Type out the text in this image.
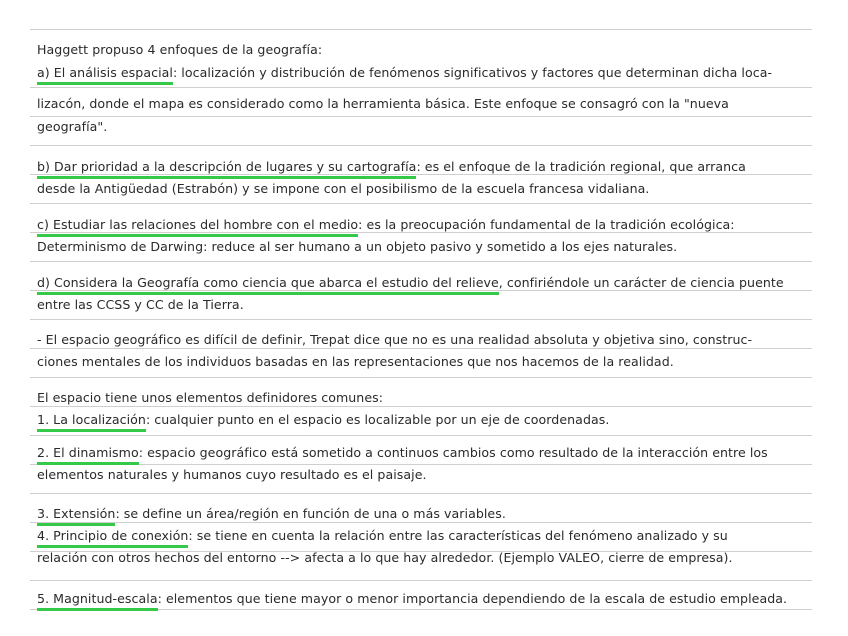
Haggett propuso 4 enfoques de la geografía:
a) El análisis espacial: localización y distribución de fenómenos significativos y factores que determinan dicha loca-
lizacón, donde el mapa es considerado como la herramienta básica. Este enfoque se consagró con la "nueva
geografía".
b) Dar prioridad a la descripción de lugares y su cartografía: es el enfoque de la tradición regional, que arranca
desde la Antigüedad (Estrabón) y se impone con el posibilismo de la escuela francesa vidaliana.
c) Estudiar las relaciones del hombre con el medio: es la preocupación fundamental de la tradición ecológica:
Determinismo de Darwing: reduce al ser humano a un objeto pasivo y sometido a los ejes naturales.
d) Considera la Geografía como ciencia que abarca el estudio del relieve, confiriéndole un carácter de ciencia puente
entre las CCSS y CC de la Tierra.
- El espacio geográfico es difícil de definir, Trepat dice que no es una realidad absoluta y objetiva sino, construc-
ciones mentales de los individuos basadas en las representaciones que nos hacemos de la realidad.
El espacio tiene unos elementos definidores comunes:
1. La localización: cualquier punto en el espacio es localizable por un eje de coordenadas.
2. El dinamismo: espacio geográfico está sometido a continuos cambios como resultado de la interacción entre los
elementos naturales y humanos cuyo resultado es el paisaje.
3. Extensión: se define un área/región en función de una o más variables.
4. Principio de conexión: se tiene en cuenta la relación entre las características del fenómeno analizado y su
relación con otros hechos del entorno --> afecta a lo que hay alrededor. (Ejemplo VALEO, cierre de empresa).
5. Magnitud-escala: elementos que tiene mayor o menor importancia dependiendo de la escala de estudio empleada.
